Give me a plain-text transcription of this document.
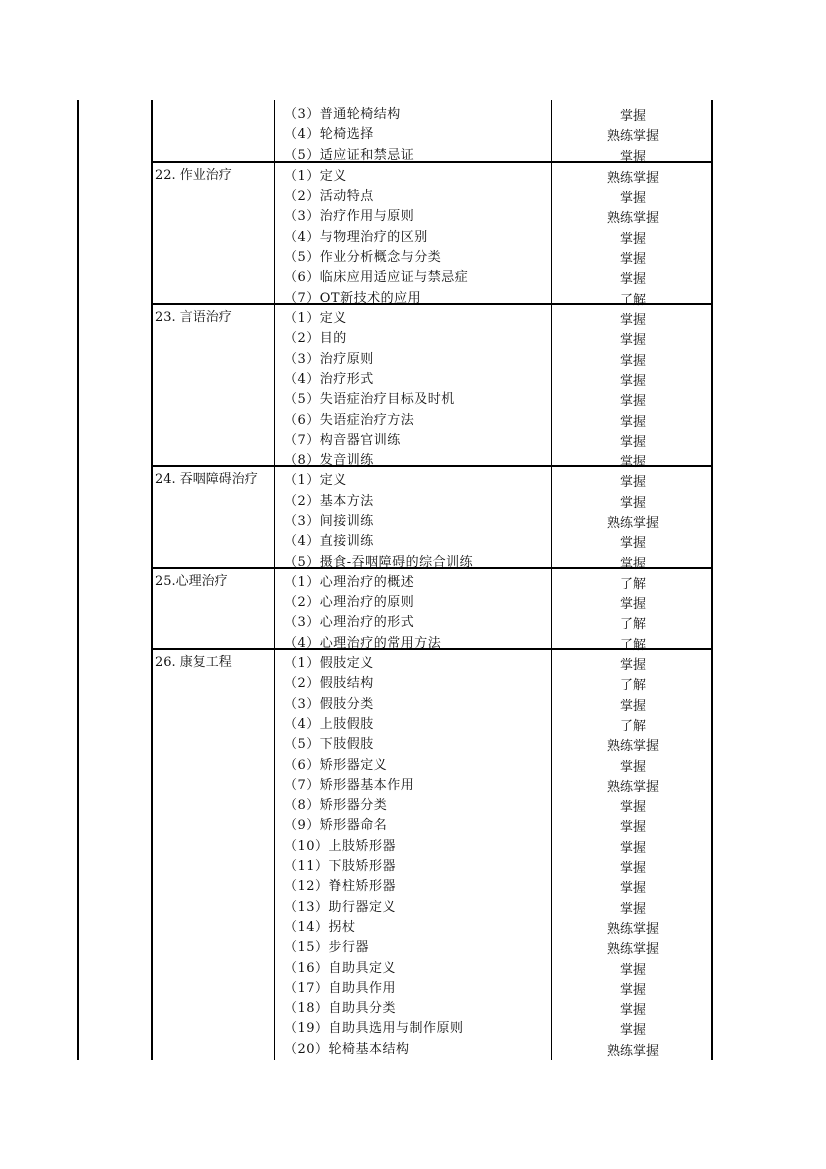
（3）普通轮椅结构	掌握
（4）轮椅选择	熟练掌握
（5）适应证和禁忌证	掌握
22. 作业治疗	（1）定义	熟练掌握
（2）活动特点	掌握
（3）治疗作用与原则	熟练掌握
（4）与物理治疗的区别	掌握
（5）作业分析概念与分类	掌握
（6）临床应用适应证与禁忌症	掌握
（7）OT新技术的应用	了解
23. 言语治疗	（1）定义	掌握
（2）目的	掌握
（3）治疗原则	掌握
（4）治疗形式	掌握
（5）失语症治疗目标及时机	掌握
（6）失语症治疗方法	掌握
（7）构音器官训练	掌握
（8）发音训练	掌握
24. 吞咽障碍治疗 （1）定义	掌握
（2）基本方法	掌握
（3）间接训练	熟练掌握
（4）直接训练	掌握
（5）摄食-吞咽障碍的综合训练	掌握
25.心理治疗	（1）心理治疗的概述	了解
（2）心理治疗的原则	掌握
（3）心理治疗的形式	了解
（4）心理治疗的常用方法	了解
26. 康复工程	（1）假肢定义	掌握
（2）假肢结构	了解
（3）假肢分类	掌握
（4）上肢假肢	了解
（5）下肢假肢	熟练掌握
（6）矫形器定义	掌握
（7）矫形器基本作用	熟练掌握
（8）矫形器分类	掌握
（9）矫形器命名	掌握
（10）上肢矫形器	掌握
（11）下肢矫形器	掌握
（12）脊柱矫形器	掌握
（13）助行器定义	掌握
（14）拐杖	熟练掌握
（15）步行器	熟练掌握
（16）自助具定义	掌握
（17）自助具作用	掌握
（18）自助具分类	掌握
（19）自助具选用与制作原则	掌握
（20）轮椅基本结构	熟练掌握
